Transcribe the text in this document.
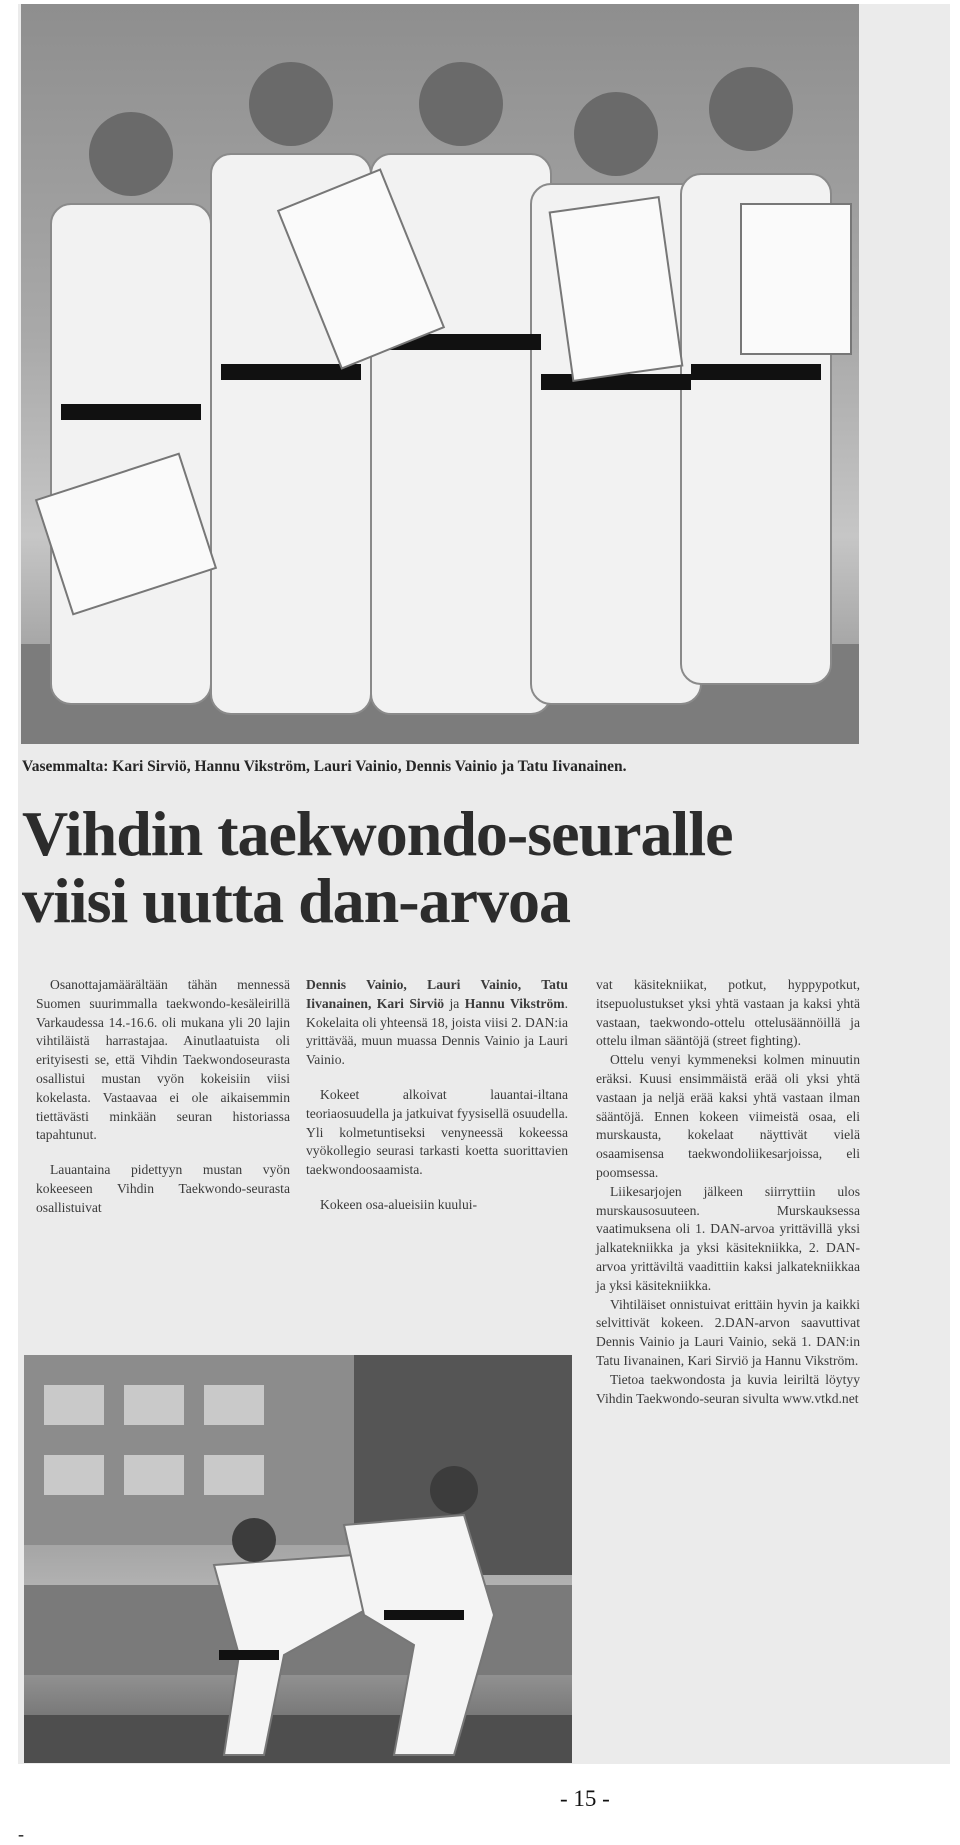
Vasemmalta: Kari Sirviö, Hannu Vikström, Lauri Vainio, Dennis Vainio ja Tatu Iivanainen.
Vihdin taekwondo-seuralle
viisi uutta dan-arvoa

Osanottajamäärältään tähän mennessä Suomen suurimmalla taekwondo-kesäleirillä Varkaudessa 14.-16.6. oli mukana yli 20 lajin vihtiläistä harrastajaa. Ainutlaatuista oli erityisesti se, että Vihdin Taekwondoseurasta osallistui mustan vyön kokeisiin viisi kokelasta. Vastaavaa ei ole aikaisemmin tiettävästi minkään seuran historiassa tapahtunut.

Lauantaina pidettyyn mustan vyön kokeeseen Vihdin Taekwondo-seurasta osallistuivat

Dennis Vainio, Lauri Vainio, Tatu Iivanainen, Kari Sirviö ja Hannu Vikström. Kokelaita oli yhteensä 18, joista viisi 2. DAN:ia yrittävää, muun muassa Dennis Vainio ja Lauri Vainio.

Kokeet alkoivat lauantai-iltana teoriaosuudella ja jatkuivat fyysisellä osuudella. Yli kolmetuntiseksi venyneessä kokeessa vyökollegio seurasi tarkasti koetta suorittavien taekwondoosaamista.

Kokeen osa-alueisiin kuului-

vat käsitekniikat, potkut, hyppypotkut, itsepuolustukset yksi yhtä vastaan ja kaksi yhtä vastaan, taekwondo-ottelu ottelusäännöillä ja ottelu ilman sääntöjä (street fighting).

Ottelu venyi kymmeneksi kolmen minuutin eräksi. Kuusi ensimmäistä erää oli yksi yhtä vastaan ja neljä erää kaksi yhtä vastaan ilman sääntöjä. Ennen kokeen viimeistä osaa, eli murskausta, kokelaat näyttivät vielä osaamisensa taekwondoliikesarjoissa, eli poomsessa.

Liikesarjojen jälkeen siirryttiin ulos murskausosuuteen. Murskauksessa vaatimuksena oli 1. DAN-arvoa yrittävillä yksi jalkatekniikka ja yksi käsitekniikka, 2. DAN-arvoa yrittäviltä vaadittiin kaksi jalkatekniikkaa ja yksi käsitekniikka.

Vihtiläiset onnistuivat erittäin hyvin ja kaikki selvittivät kokeen. 2.DAN-arvon saavuttivat Dennis Vainio ja Lauri Vainio, sekä 1. DAN:in Tatu Iivanainen, Kari Sirviö ja Hannu Vikström.

Tietoa taekwondosta ja kuvia leiriltä löytyy Vihdin Taekwondo-seuran sivulta www.vtkd.net

- 15 -
-
